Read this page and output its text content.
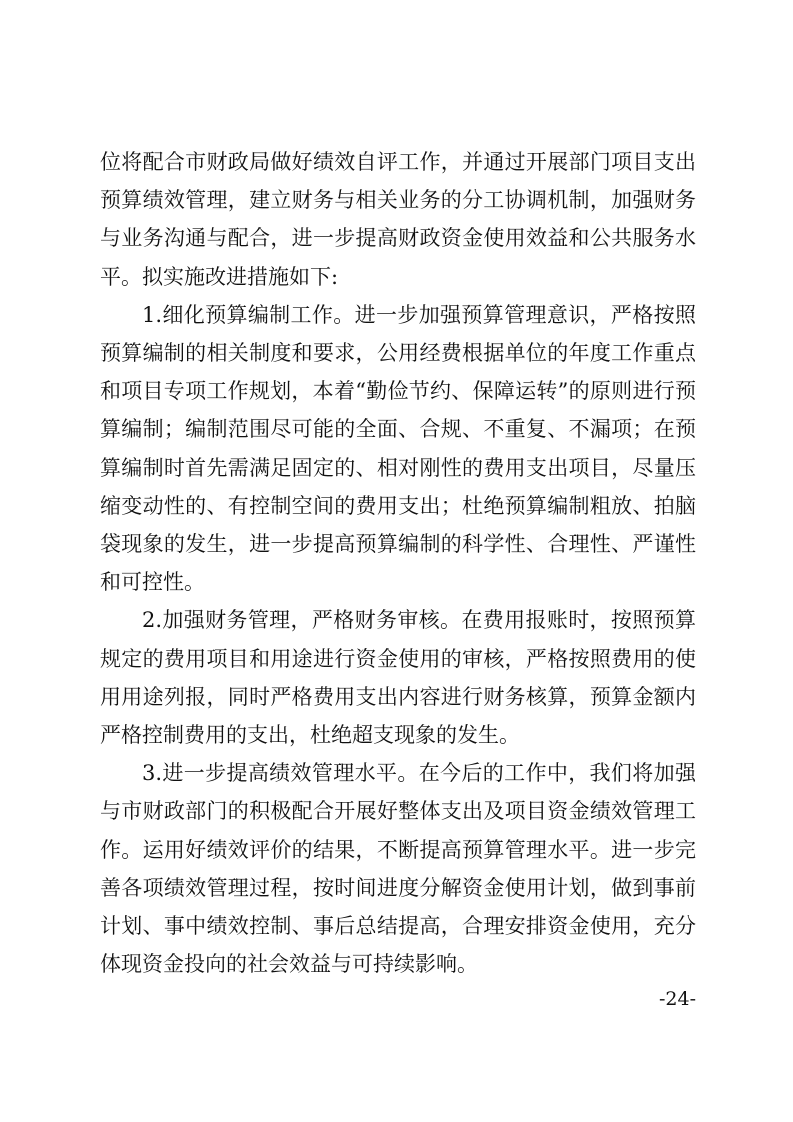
位将配合市财政局做好绩效自评工作，并通过开展部门项目支出预算绩效管理，建立财务与相关业务的分工协调机制，加强财务与业务沟通与配合，进一步提高财政资金使用效益和公共服务水平。拟实施改进措施如下:

1.细化预算编制工作。进一步加强预算管理意识，严格按照预算编制的相关制度和要求，公用经费根据单位的年度工作重点和项目专项工作规划，本着“勤俭节约、保障运转”的原则进行预算编制；编制范围尽可能的全面、合规、不重复、不漏项；在预算编制时首先需满足固定的、相对刚性的费用支出项目，尽量压缩变动性的、有控制空间的费用支出；杜绝预算编制粗放、拍脑袋现象的发生，进一步提高预算编制的科学性、合理性、严谨性和可控性。

2.加强财务管理，严格财务审核。在费用报账时，按照预算规定的费用项目和用途进行资金使用的审核，严格按照费用的使用用途列报，同时严格费用支出内容进行财务核算，预算金额内严格控制费用的支出，杜绝超支现象的发生。

3.进一步提高绩效管理水平。在今后的工作中，我们将加强与市财政部门的积极配合开展好整体支出及项目资金绩效管理工作。运用好绩效评价的结果，不断提高预算管理水平。进一步完善各项绩效管理过程，按时间进度分解资金使用计划，做到事前计划、事中绩效控制、事后总结提高，合理安排资金使用，充分体现资金投向的社会效益与可持续影响。

-24-
